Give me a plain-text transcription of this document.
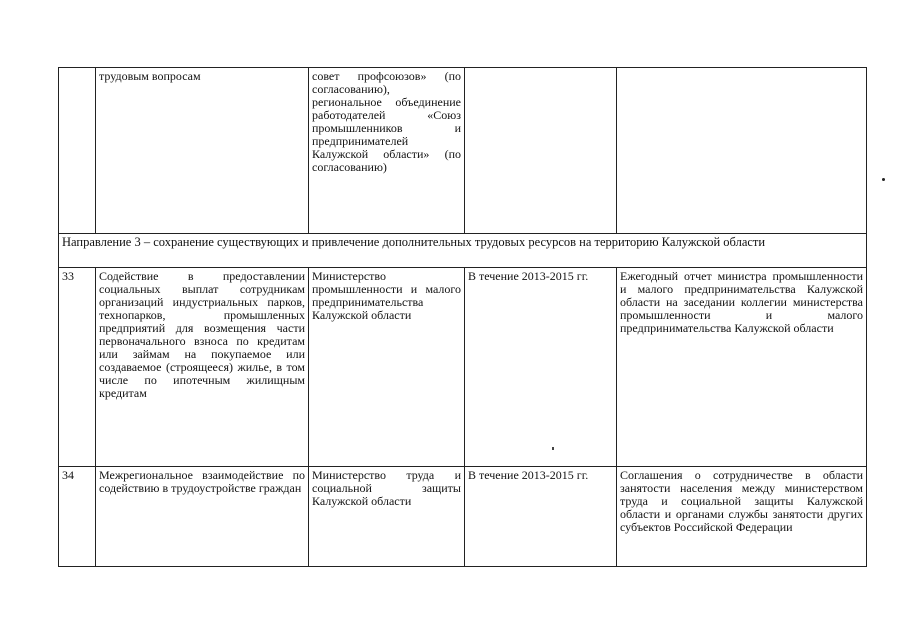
	трудовым вопросам	совет профсоюзов» (по согласованию), региональное объединение работодателей «Союз промышленников и предпринимателей Калужской области» (по согласованию)		
Направление 3 – сохранение существующих и привлечение дополнительных трудовых ресурсов на территорию Калужской области				
33	Содействие в предоставлении социальных выплат сотрудникам организаций индустриальных парков, технопарков, промышленных предприятий для возмещения части первоначального взноса по кредитам или займам на покупаемое или создаваемое (строящееся) жилье, в том числе по ипотечным жилищным кредитам	Министерство промышленности и малого предпринимательства Калужской области	В течение 2013-2015 гг.	Ежегодный отчет министра промышленности и малого предпринимательства Калужской области на заседании коллегии министерства промышленности и малого предпринимательства Калужской области
34	Межрегиональное взаимодействие по содействию в трудоустройстве граждан	Министерство труда и социальной защиты Калужской области	В течение 2013-2015 гг.	Соглашения о сотрудничестве в области занятости населения между министерством труда и социальной защиты Калужской области и органами службы занятости других субъектов Российской Федерации
